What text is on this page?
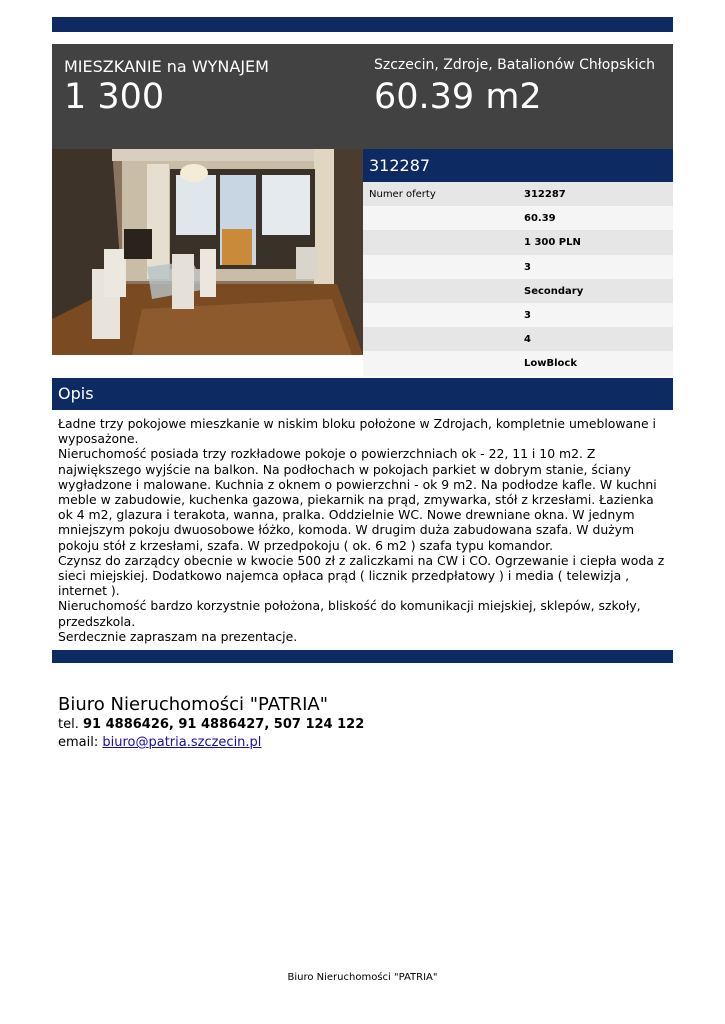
MIESZKANIE na WYNAJEM
1 300
Szczecin, Zdroje, Batalionów Chłopskich
60.39 m2
312287
Numer oferty	312287
60.39
1 300 PLN
3
Secondary
3
4
LowBlock
Opis

Ładne trzy pokojowe mieszkanie w niskim bloku położone w Zdrojach, kompletnie umeblowane i wyposażone.

Nieruchomość posiada trzy rozkładowe pokoje o powierzchniach ok - 22, 11 i 10 m2. Z największego wyjście na balkon. Na podłochach w pokojach parkiet w dobrym stanie, ściany wygładzone i malowane. Kuchnia z oknem o powierzchni - ok 9 m2. Na podłodze kafle. W kuchni meble w zabudowie, kuchenka gazowa, piekarnik na prąd, zmywarka, stół z krzesłami. Łazienka ok 4 m2, glazura i terakota, wanna, pralka. Oddzielnie WC. Nowe drewniane okna. W jednym mniejszym pokoju dwuosobowe łóżko, komoda. W drugim duża zabudowana szafa. W dużym pokoju stół z krzesłami, szafa. W przedpokoju ( ok. 6 m2 ) szafa typu komandor.

Czynsz do zarządcy obecnie w kwocie 500 zł z zaliczkami na CW i CO. Ogrzewanie i ciepła woda z sieci miejskiej. Dodatkowo najemca opłaca prąd ( licznik przedpłatowy ) i media ( telewizja , internet ).

Nieruchomość bardzo korzystnie położona, bliskość do komunikacji miejskiej, sklepów, szkoły, przedszkola.

Serdecznie zapraszam na prezentacje.

Biuro Nieruchomości "PATRIA"
tel. 91 4886426, 91 4886427, 507 124 122
email: biuro@patria.szczecin.pl
Biuro Nieruchomości "PATRIA"
